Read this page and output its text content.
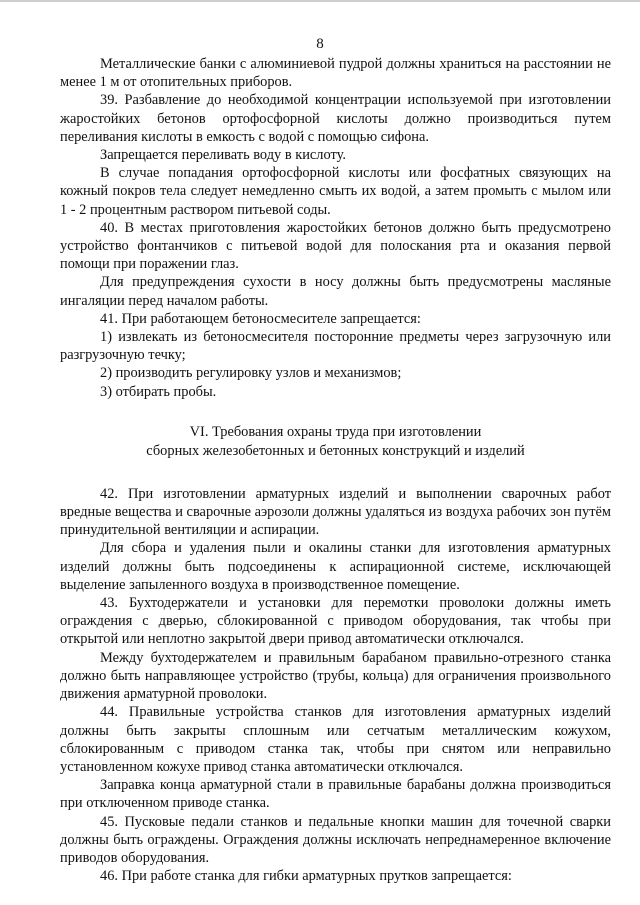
8

Металлические банки с алюминиевой пудрой должны храниться на расстоянии не менее 1 м от отопительных приборов.

39. Разбавление до необходимой концентрации используемой при изготовлении жаростойких бетонов ортофосфорной кислоты должно производиться путем переливания кислоты в емкость с водой с помощью сифона.

Запрещается переливать воду в кислоту.

В случае попадания ортофосфорной кислоты или фосфатных связующих на кожный покров тела следует немедленно смыть их водой, а затем промыть с мылом или 1 - 2 процентным раствором питьевой соды.

40. В местах приготовления жаростойких бетонов должно быть предусмотрено устройство фонтанчиков с питьевой водой для полоскания рта и оказания первой помощи при поражении глаз.

Для предупреждения сухости в носу должны быть предусмотрены масляные ингаляции перед началом работы.

41. При работающем бетоносмесителе запрещается:

1) извлекать из бетоносмесителя посторонние предметы через загрузочную или разгрузочную течку;

2) производить регулировку узлов и механизмов;

3) отбирать пробы.

VI. Требования охраны труда при изготовлении
сборных железобетонных и бетонных конструкций и изделий

42. При изготовлении арматурных изделий и выполнении сварочных работ вредные вещества и сварочные аэрозоли должны удаляться из воздуха рабочих зон путём принудительной вентиляции и аспирации.

Для сбора и удаления пыли и окалины станки для изготовления арматурных изделий должны быть подсоединены к аспирационной системе, исключающей выделение запыленного воздуха в производственное помещение.

43. Бухтодержатели и установки для перемотки проволоки должны иметь ограждения с дверью, сблокированной с приводом оборудования, так чтобы при открытой или неплотно закрытой двери привод автоматически отключался.

Между бухтодержателем и правильным барабаном правильно-отрезного станка должно быть направляющее устройство (трубы, кольца) для ограничения произвольного движения арматурной проволоки.

44. Правильные устройства станков для изготовления арматурных изделий должны быть закрыты сплошным или сетчатым металлическим кожухом, сблокированным с приводом станка так, чтобы при снятом или неправильно установленном кожухе привод станка автоматически отключался.

Заправка конца арматурной стали в правильные барабаны должна производиться при отключенном приводе станка.

45. Пусковые педали станков и педальные кнопки машин для точечной сварки должны быть ограждены. Ограждения должны исключать непреднамеренное включение приводов оборудования.

46. При работе станка для гибки арматурных прутков запрещается:
